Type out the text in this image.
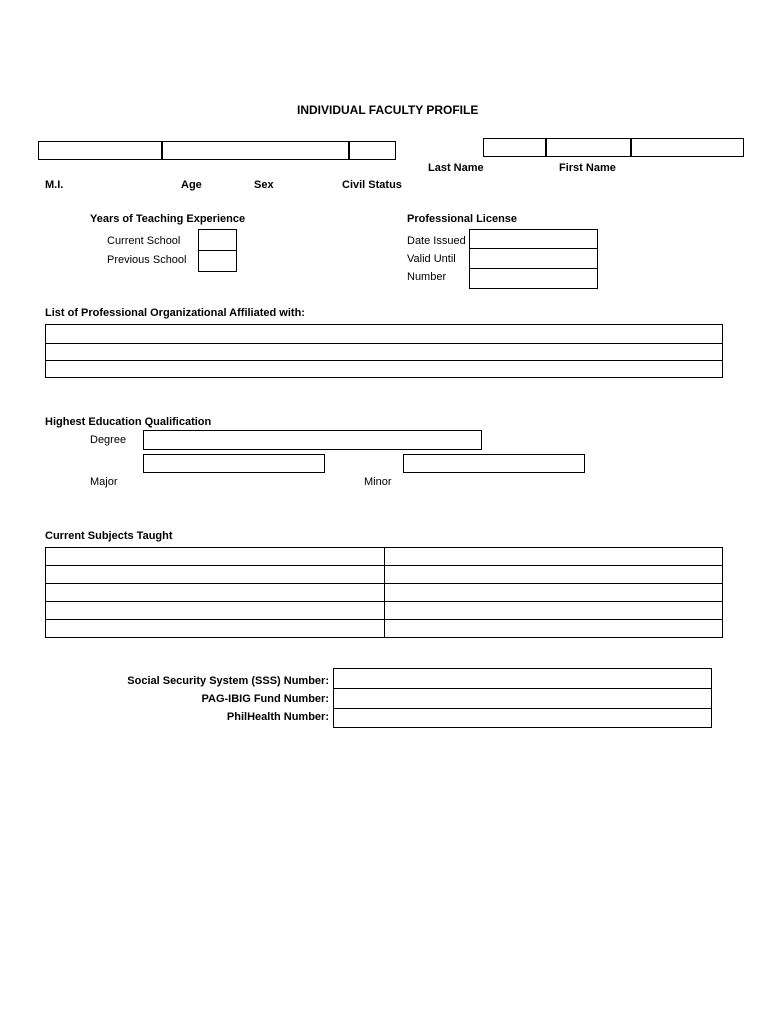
INDIVIDUAL FACULTY PROFILE
Last Name	First Name
M.I.	Age	Sex	Civil Status
Years of Teaching Experience
Current School
Previous School
Professional License
Date Issued
Valid Until
Number
List of Professional Organizational Affiliated with:
Highest Education Qualification
Degree
Major	Minor
Current Subjects Taught
Social Security System (SSS) Number:
PAG-IBIG Fund Number:
PhilHealth Number:
